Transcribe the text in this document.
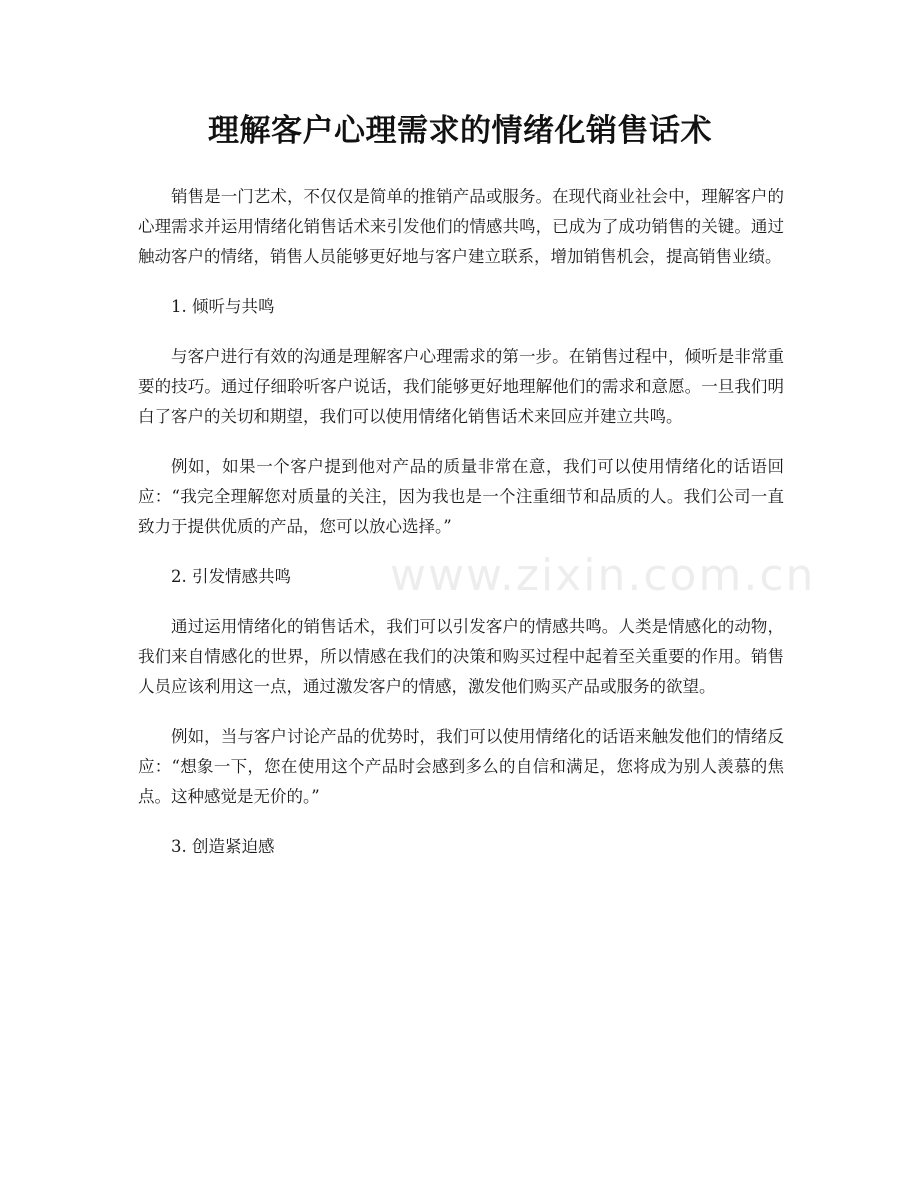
www.zixin.com.cn
理解客户心理需求的情绪化销售话术

销售是一门艺术，不仅仅是简单的推销产品或服务。在现代商业社会中，理解客户的心理需求并运用情绪化销售话术来引发他们的情感共鸣，已成为了成功销售的关键。通过触动客户的情绪，销售人员能够更好地与客户建立联系，增加销售机会，提高销售业绩。

1. 倾听与共鸣

与客户进行有效的沟通是理解客户心理需求的第一步。在销售过程中，倾听是非常重要的技巧。通过仔细聆听客户说话，我们能够更好地理解他们的需求和意愿。一旦我们明白了客户的关切和期望，我们可以使用情绪化销售话术来回应并建立共鸣。

例如，如果一个客户提到他对产品的质量非常在意，我们可以使用情绪化的话语回应：“我完全理解您对质量的关注，因为我也是一个注重细节和品质的人。我们公司一直致力于提供优质的产品，您可以放心选择。”

2. 引发情感共鸣

通过运用情绪化的销售话术，我们可以引发客户的情感共鸣。人类是情感化的动物，我们来自情感化的世界，所以情感在我们的决策和购买过程中起着至关重要的作用。销售人员应该利用这一点，通过激发客户的情感，激发他们购买产品或服务的欲望。

例如，当与客户讨论产品的优势时，我们可以使用情绪化的话语来触发他们的情绪反应：“想象一下，您在使用这个产品时会感到多么的自信和满足，您将成为别人羡慕的焦点。这种感觉是无价的。”

3. 创造紧迫感
